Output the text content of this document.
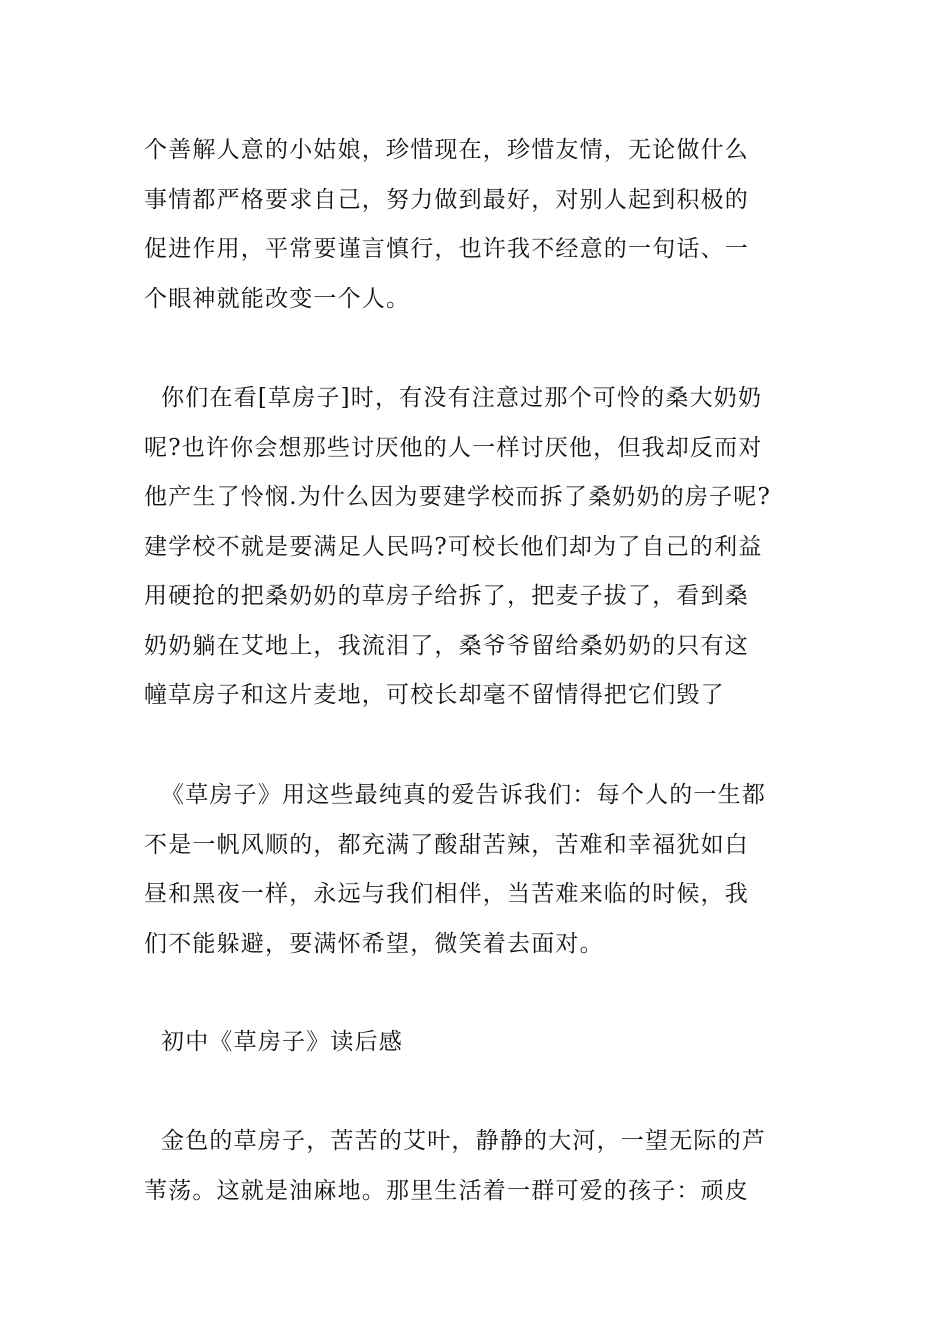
个善解人意的小姑娘，珍惜现在，珍惜友情，无论做什么
事情都严格要求自己，努力做到最好，对别人起到积极的
促进作用，平常要谨言慎行，也许我不经意的一句话、一
个眼神就能改变一个人。

你们在看[草房子]时，有没有注意过那个可怜的桑大奶奶
呢?也许你会想那些讨厌他的人一样讨厌他，但我却反而对
他产生了怜悯.为什么因为要建学校而拆了桑奶奶的房子呢?
建学校不就是要满足人民吗?可校长他们却为了自己的利益
用硬抢的把桑奶奶的草房子给拆了，把麦子拔了，看到桑
奶奶躺在艾地上，我流泪了，桑爷爷留给桑奶奶的只有这
幢草房子和这片麦地，可校长却毫不留情得把它们毁了

《草房子》用这些最纯真的爱告诉我们：每个人的一生都
不是一帆风顺的，都充满了酸甜苦辣，苦难和幸福犹如白
昼和黑夜一样，永远与我们相伴，当苦难来临的时候，我
们不能躲避，要满怀希望，微笑着去面对。

初中《草房子》读后感

金色的草房子，苦苦的艾叶，静静的大河，一望无际的芦
苇荡。这就是油麻地。那里生活着一群可爱的孩子：顽皮
